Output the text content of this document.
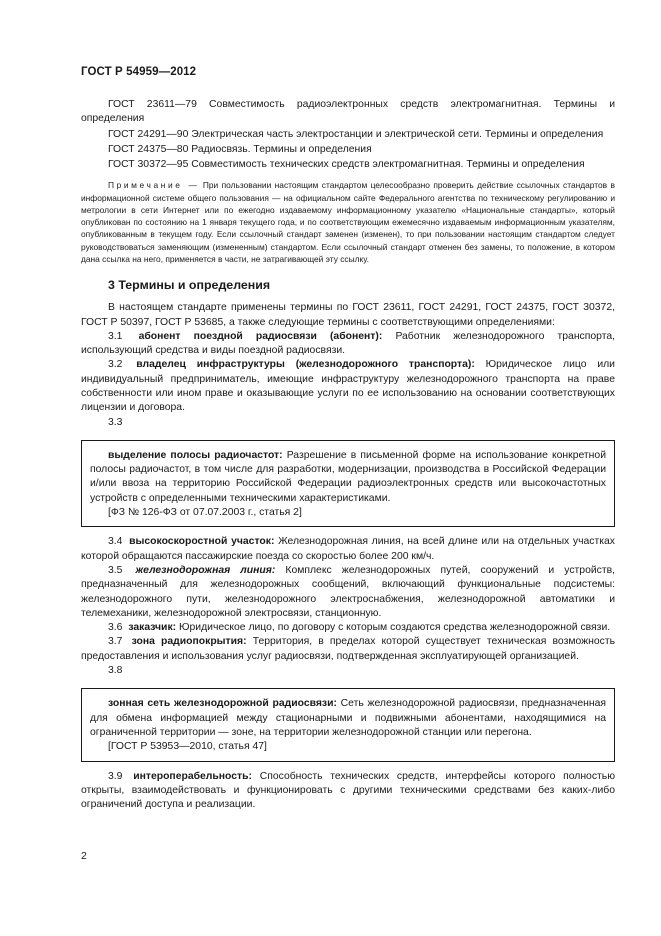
ГОСТ Р 54959—2012

ГОСТ 23611—79 Совместимость радиоэлектронных средств электромагнитная. Термины и определения

ГОСТ 24291—90 Электрическая часть электростанции и электрической сети. Термины и определения

ГОСТ 24375—80 Радиосвязь. Термины и определения

ГОСТ 30372—95 Совместимость технических средств электромагнитная. Термины и определения

Примечание — При пользовании настоящим стандартом целесообразно проверить действие ссылочных стандартов в информационной системе общего пользования — на официальном сайте Федерального агентства по техническому регулированию и метрологии в сети Интернет или по ежегодно издаваемому информационному указателю «Национальные стандарты», который опубликован по состоянию на 1 января текущего года, и по соответствующим ежемесячно издаваемым информационным указателям, опубликованным в текущем году. Если ссылочный стандарт заменен (изменен), то при пользовании настоящим стандартом следует руководствоваться заменяющим (измененным) стандартом. Если ссылочный стандарт отменен без замены, то положение, в котором дана ссылка на него, применяется в части, не затрагивающей эту ссылку.

3 Термины и определения

В настоящем стандарте применены термины по ГОСТ 23611, ГОСТ 24291, ГОСТ 24375, ГОСТ 30372, ГОСТ Р 50397, ГОСТ Р 53685, а также следующие термины с соответствующими определениями:

3.1 абонент поездной радиосвязи (абонент): Работник железнодорожного транспорта, использующий средства и виды поездной радиосвязи.

3.2 владелец инфраструктуры (железнодорожного транспорта): Юридическое лицо или индивидуальный предприниматель, имеющие инфраструктуру железнодорожного транспорта на праве собственности или ином праве и оказывающие услуги по ее использованию на основании соответствующих лицензии и договора.

3.3

выделение полосы радиочастот: Разрешение в письменной форме на использование конкретной полосы радиочастот, в том числе для разработки, модернизации, производства в Российской Федерации и/или ввоза на территорию Российской Федерации радиоэлектронных средств или высокочастотных устройств с определенными техническими характеристиками.

[ФЗ № 126-ФЗ от 07.07.2003 г., статья 2]

3.4 высокоскоростной участок: Железнодорожная линия, на всей длине или на отдельных участках которой обращаются пассажирские поезда со скоростью более 200 км/ч.

3.5 железнодорожная линия: Комплекс железнодорожных путей, сооружений и устройств, предназначенный для железнодорожных сообщений, включающий функциональные подсистемы: железнодорожного пути, железнодорожного электроснабжения, железнодорожной автоматики и телемеханики, железнодорожной электросвязи, станционную.

3.6 заказчик: Юридическое лицо, по договору с которым создаются средства железнодорожной связи.

3.7 зона радиопокрытия: Территория, в пределах которой существует техническая возможность предоставления и использования услуг радиосвязи, подтвержденная эксплуатирующей организацией.

3.8

зонная сеть железнодорожной радиосвязи: Сеть железнодорожной радиосвязи, предназначенная для обмена информацией между стационарными и подвижными абонентами, находящимися на ограниченной территории — зоне, на территории железнодорожной станции или перегона.

[ГОСТ Р 53953—2010, статья 47]

3.9 интероперабельность: Способность технических средств, интерфейсы которого полностью открыты, взаимодействовать и функционировать с другими техническими средствами без каких-либо ограничений доступа и реализации.

2
